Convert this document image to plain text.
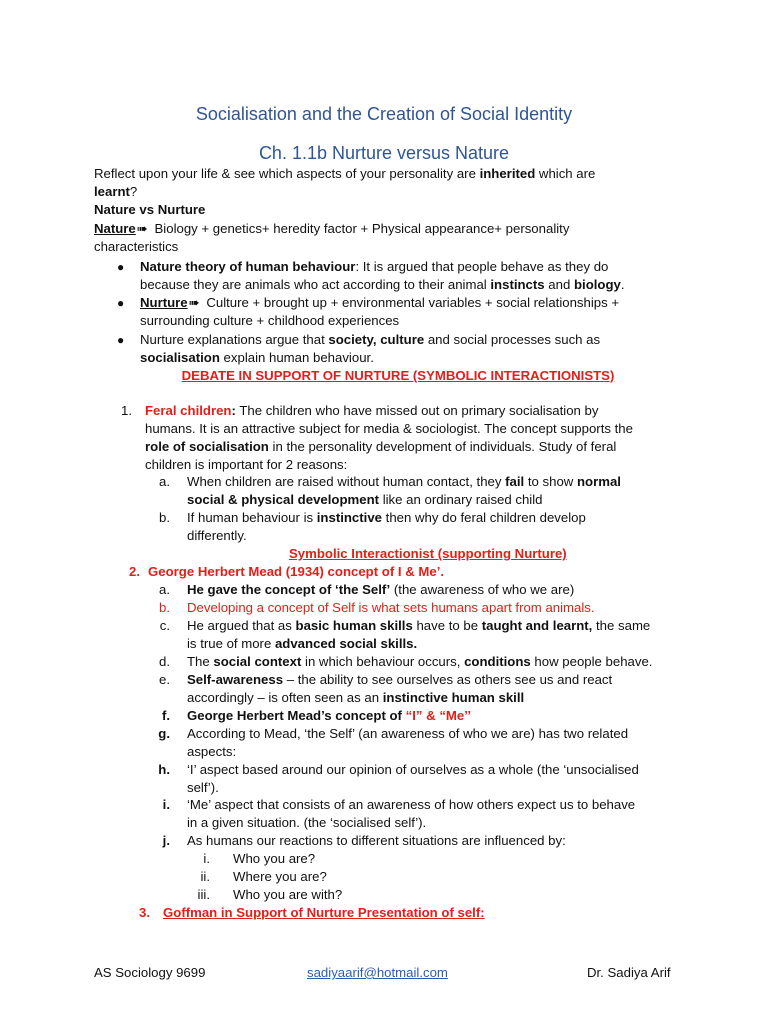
Socialisation and the Creation of Social Identity
Ch. 1.1b Nurture versus Nature
Reflect upon your life & see which aspects of your personality are inherited which are
learnt?
Nature vs Nurture
Nature➠ Biology + genetics+ heredity factor + Physical appearance+ personality
characteristics
● Nature theory of human behaviour: It is argued that people behave as they do
because they are animals who act according to their animal instincts and biology.
● Nurture➠ Culture + brought up + environmental variables + social relationships +
surrounding culture + childhood experiences
● Nurture explanations argue that society, culture and social processes such as
socialisation explain human behaviour.
DEBATE IN SUPPORT OF NURTURE (SYMBOLIC INTERACTIONISTS)
1. Feral children: The children who have missed out on primary socialisation by
humans. It is an attractive subject for media & sociologist. The concept supports the
role of socialisation in the personality development of individuals. Study of feral
children is important for 2 reasons:
a. When children are raised without human contact, they fail to show normal
social & physical development like an ordinary raised child
b. If human behaviour is instinctive then why do feral children develop
differently.
Symbolic Interactionist (supporting Nurture)
2. George Herbert Mead (1934) concept of I & Me’.
a. He gave the concept of ‘the Self’ (the awareness of who we are)
b. Developing a concept of Self is what sets humans apart from animals.
c. He argued that as basic human skills have to be taught and learnt, the same
is true of more advanced social skills.
d. The social context in which behaviour occurs, conditions how people behave.
e. Self-awareness – the ability to see ourselves as others see us and react
accordingly – is often seen as an instinctive human skill
f. George Herbert Mead’s concept of “I” & “Me’’
g. According to Mead, ‘the Self’ (an awareness of who we are) has two related
aspects:
h. ‘I’ aspect based around our opinion of ourselves as a whole (the ‘unsocialised
self’).
i. ‘Me’ aspect that consists of an awareness of how others expect us to behave
in a given situation. (the ‘socialised self’).
j. As humans our reactions to different situations are influenced by:
i. Who you are?
ii. Where you are?
iii. Who you are with?
3. Goffman in Support of Nurture Presentation of self:
AS Sociology 9699	sadiyaarif@hotmail.com	Dr. Sadiya Arif
